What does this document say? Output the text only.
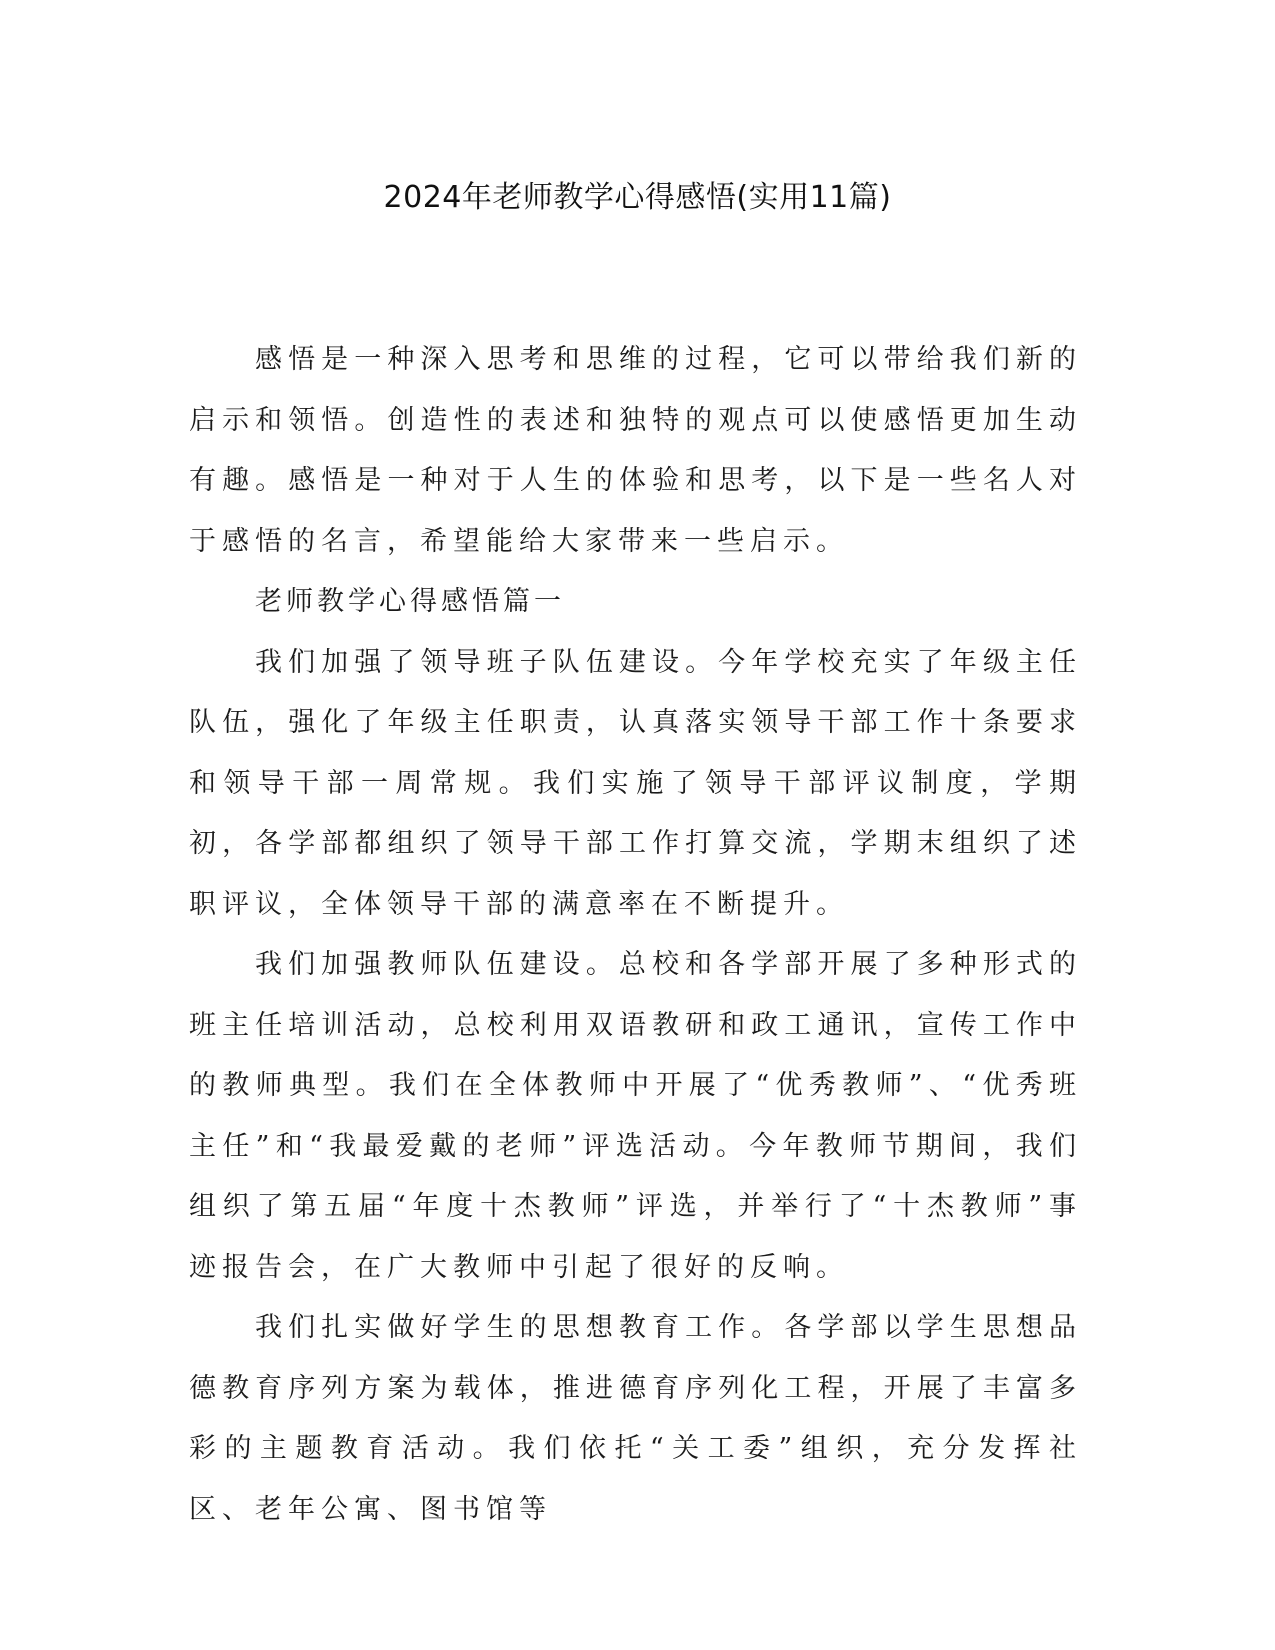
2024年老师教学心得感悟(实用11篇)

感悟是一种深入思考和思维的过程，它可以带给我们新的启示和领悟。创造性的表述和独特的观点可以使感悟更加生动有趣。感悟是一种对于人生的体验和思考，以下是一些名人对于感悟的名言，希望能给大家带来一些启示。

老师教学心得感悟篇一

我们加强了领导班子队伍建设。今年学校充实了年级主任队伍，强化了年级主任职责，认真落实领导干部工作十条要求和领导干部一周常规。我们实施了领导干部评议制度，学期初，各学部都组织了领导干部工作打算交流，学期末组织了述职评议，全体领导干部的满意率在不断提升。

我们加强教师队伍建设。总校和各学部开展了多种形式的班主任培训活动，总校利用双语教研和政工通讯，宣传工作中的教师典型。我们在全体教师中开展了“优秀教师”、“优秀班主任”和“我最爱戴的老师”评选活动。今年教师节期间，我们组织了第五届“年度十杰教师”评选，并举行了“十杰教师”事迹报告会，在广大教师中引起了很好的反响。

我们扎实做好学生的思想教育工作。各学部以学生思想品德教育序列方案为载体，推进德育序列化工程，开展了丰富多彩的主题教育活动。我们依托“关工委”组织，充分发挥社区、老年公寓、图书馆等
